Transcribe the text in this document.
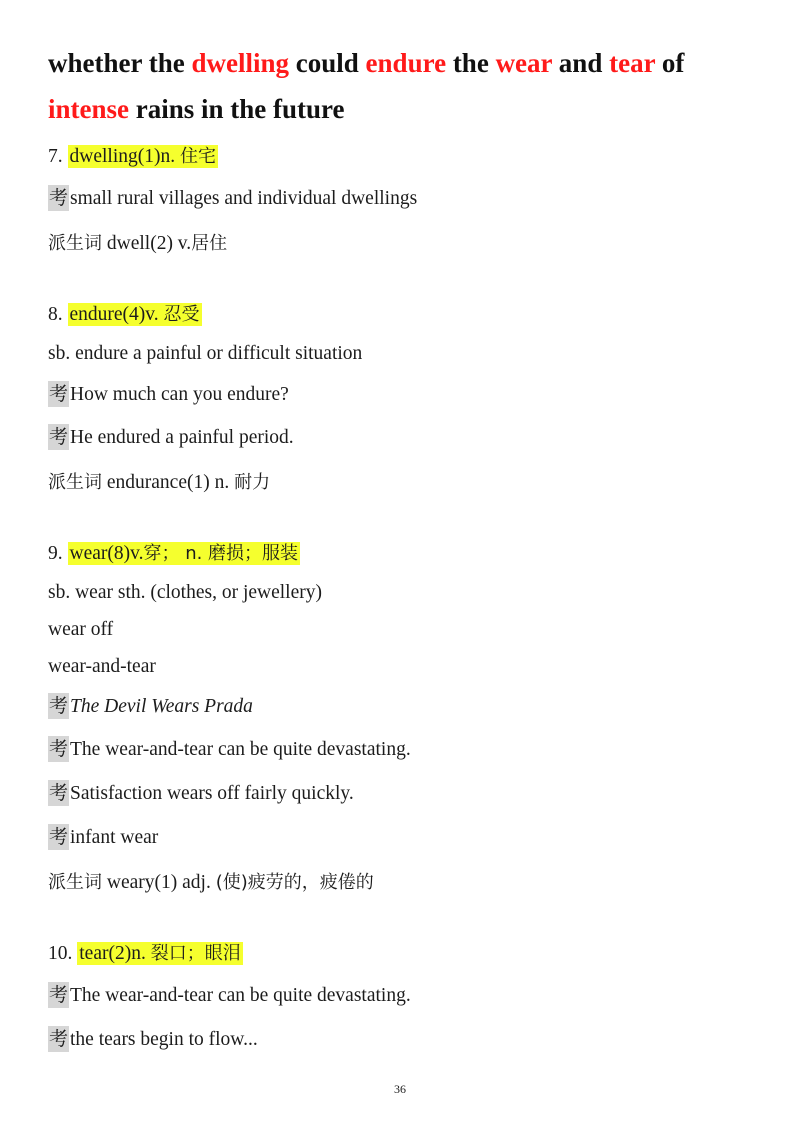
whether the dwelling could endure the wear and tear of
intense rains in the future
7. dwelling(1)n. 住宅
考 small rural villages and individual dwellings
派生词 dwell(2) v.居住
8. endure(4)v. 忍受
sb. endure a painful or difficult situation
考 How much can you endure?
考 He endured a painful period.
派生词 endurance(1) n. 耐力
9. wear(8)v.穿； n. 磨损；服装
sb. wear sth. (clothes, or jewellery)
wear off
wear-and-tear
考 The Devil Wears Prada
考 The wear-and-tear can be quite devastating.
考 Satisfaction wears off fairly quickly.
考 infant wear
派生词 weary(1) adj. (使)疲劳的，疲倦的
10. tear(2)n. 裂口；眼泪
考 The wear-and-tear can be quite devastating.
考 the tears begin to flow...
36
